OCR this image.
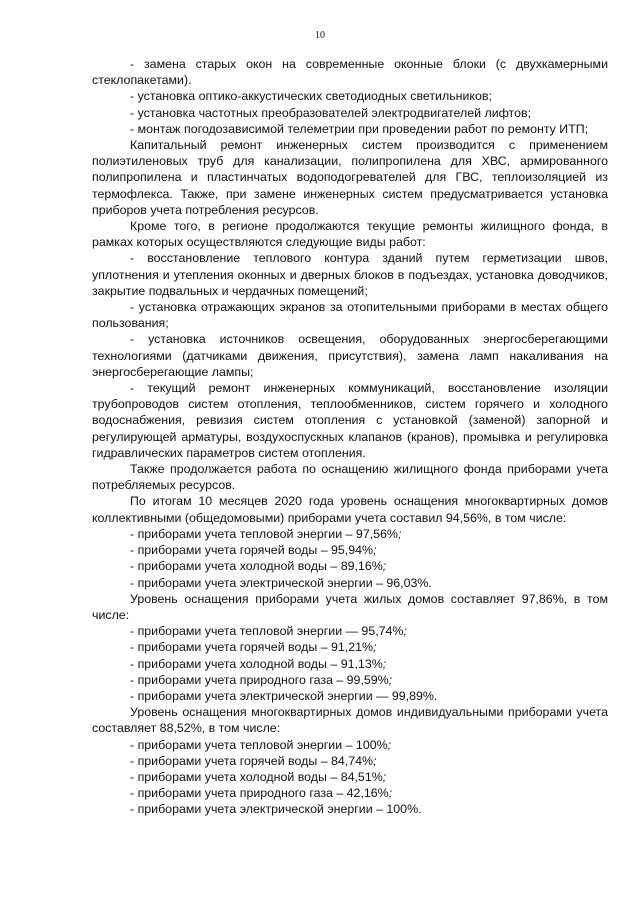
10

- замена старых окон на современные оконные блоки (с двухкамерными стеклопакетами).

- установка оптико-аккустических светодиодных светильников;

- установка частотных преобразователей электродвигателей лифтов;

- монтаж погодозависимой телеметрии при проведении работ по ремонту ИТП;

Капитальный ремонт инженерных систем производится с применением полиэтиленовых труб для канализации, полипропилена для ХВС, армированного полипропилена и пластинчатых водоподогревателей для ГВС, теплоизоляцией из термофлекса. Также, при замене инженерных систем предусматривается установка приборов учета потребления ресурсов.

Кроме того, в регионе продолжаются текущие ремонты жилищного фонда, в рамках которых осуществляются следующие виды работ:

- восстановление теплового контура зданий путем герметизации швов, уплотнения и утепления оконных и дверных блоков в подъездах, установка доводчиков, закрытие подвальных и чердачных помещений;

- установка отражающих экранов за отопительными приборами в местах общего пользования;

- установка источников освещения, оборудованных энергосберегающими технологиями (датчиками движения, присутствия), замена ламп накаливания на энергосберегающие лампы;

- текущий ремонт инженерных коммуникаций, восстановление изоляции трубопроводов систем отопления, теплообменников, систем горячего и холодного водоснабжения, ревизия систем отопления с установкой (заменой) запорной и регулирующей арматуры, воздухоспускных клапанов (кранов), промывка и регулировка гидравлических параметров систем отопления.

Также продолжается работа по оснащению жилищного фонда приборами учета потребляемых ресурсов.

По итогам 10 месяцев 2020 года уровень оснащения многоквартирных домов коллективными (общедомовыми) приборами учета составил 94,56%, в том числе:

- приборами учета тепловой энергии – 97,56%;

- приборами учета горячей воды – 95,94%;

- приборами учета холодной воды – 89,16%;

- приборами учета электрической энергии – 96,03%.

Уровень оснащения приборами учета жилых домов составляет 97,86%, в том числе:

- приборами учета тепловой энергии — 95,74%;

- приборами учета горячей воды – 91,21%;

- приборами учета холодной воды – 91,13%;

- приборами учета природного газа – 99,59%;

- приборами учета электрической энергии — 99,89%.

Уровень оснащения многоквартирных домов индивидуальными приборами учета составляет 88,52%, в том числе:

- приборами учета тепловой энергии – 100%;

- приборами учета горячей воды – 84,74%;

- приборами учета холодной воды – 84,51%;

- приборами учета природного газа – 42,16%;

- приборами учета электрической энергии – 100%.
